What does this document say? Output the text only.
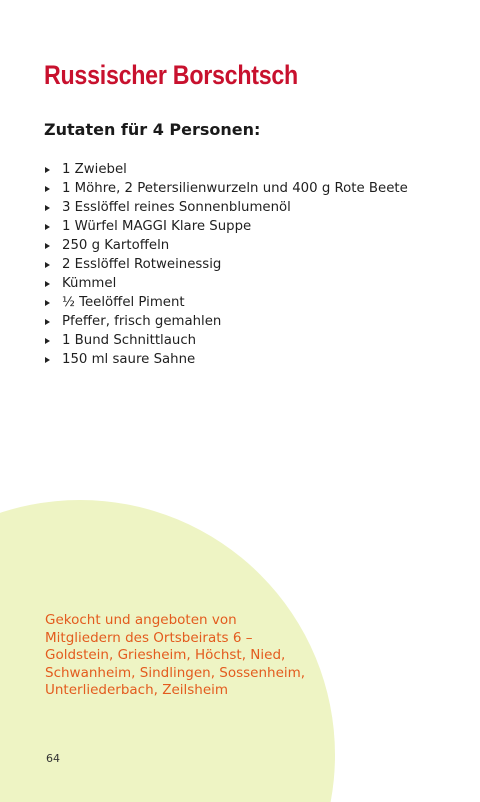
Russischer Borschtsch
Zutaten für 4 Personen:
1 Zwiebel
1 Möhre, 2 Petersilienwurzeln und 400 g Rote Beete
3 Esslöffel reines Sonnenblumenöl
1 Würfel MAGGI Klare Suppe
250 g Kartoffeln
2 Esslöffel Rotweinessig
Kümmel
½ Teelöffel Piment
Pfeffer, frisch gemahlen
1 Bund Schnittlauch
150 ml saure Sahne
Gekocht und angeboten von
Mitgliedern des Ortsbeirats 6 –
Goldstein, Griesheim, Höchst, Nied,
Schwanheim, Sindlingen, Sossenheim,
Unterliederbach, Zeilsheim
64
